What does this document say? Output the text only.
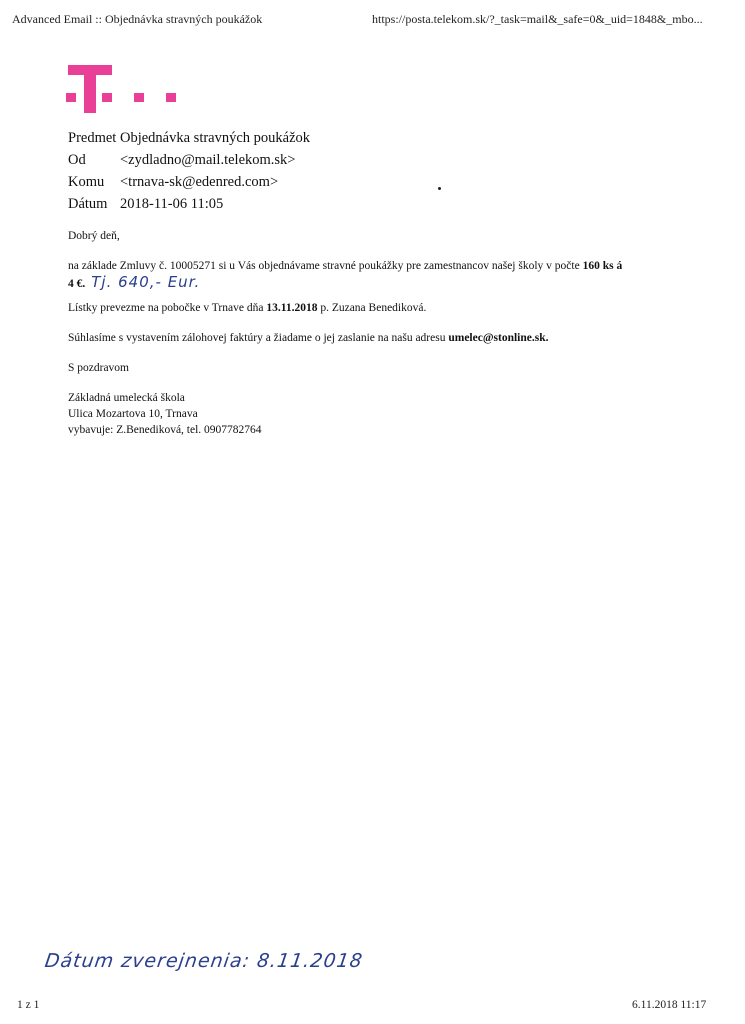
Advanced Email :: Objednávka stravných poukážok	https://posta.telekom.sk/?_task=mail&_safe=0&_uid=1848&_mbo...
Predmet Objednávka stravných poukážok
Od	<zydladno@mail.telekom.sk>
Komu	<trnava-sk@edenred.com>
Dátum 2018-11-06 11:05

Dobrý deň,

na základe Zmluvy č. 10005271 si u Vás objednávame stravné poukážky pre zamestnancov našej školy v počte 160 ks á
4 €. Tj. 640,- Eur.

Lístky prevezme na pobočke v Trnave dňa 13.11.2018 p. Zuzana Benediková.

Súhlasíme s vystavením zálohovej faktúry a žiadame o jej zaslanie na našu adresu umelec@stonline.sk.

S pozdravom

Základná umelecká škola

Ulica Mozartova 10, Trnava

vybavuje: Z.Benediková, tel. 0907782764

Dátum zverejnenia: 8.11.2018
1 z 1	6.11.2018 11:17
